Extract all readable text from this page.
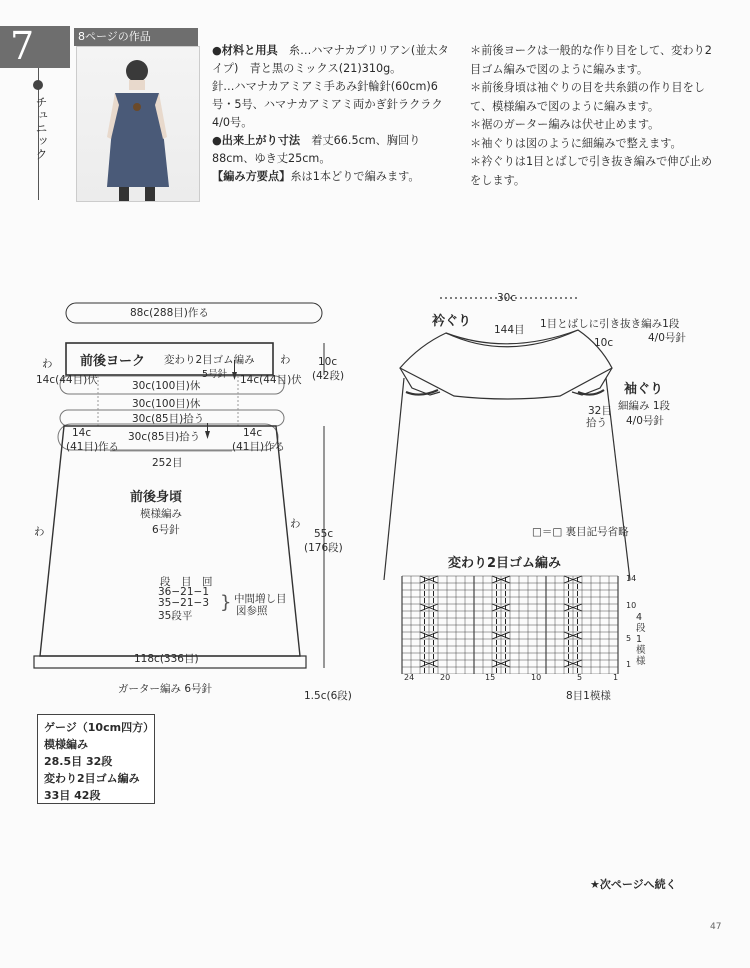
7	8ページの作品
チュニック

●材料と用具　 糸…ハマナカブリリアン(並太タイプ)　青と黒のミックス(21)310g。

針…ハマナカアミアミ手あみ針輪針(60cm)6号・5号、ハマナカアミアミ両かぎ針ラクラク4/0号。

●出来上がり寸法　 着丈66.5cm、胸回り88cm、ゆき丈25cm。

【編み方要点】糸は1本どりで編みます。

＊前後ヨークは一般的な作り目をして、変わり2目ゴム編みで図のように編みます。

＊前後身頃は袖ぐりの目を共糸鎖の作り目をして、模様編みで図のように編みます。

＊裾のガーター編みは伏せ止めます。

＊袖ぐりは図のように細編みで整えます。

＊衿ぐりは1目とばしで引き抜き編みで伸び止めをします。

88c(288目)作る
前後ヨーク 変わり2目ゴム編み
5号針
わ	わ
14c(44目)伏	14c(44目)伏
30c(100目)休
30c(100目)休
10c
(42段)
30c(85目)拾う
30c(85目)拾う
14c
(41目)作る
14c
(41目)作る
252目
前後身頃
模様編み
6号針
わ
わ
55c
(176段)
段　目　回
36−21−1
35−21−3
35段平
} 中間増し目
図参照
118c(336目)
ガーター編み 6号針
1.5c(6段)
ゲージ（10cm四方）
模様編み
28.5目 32段
変わり2目ゴム編み
33目 42段
30c
衿ぐり
144目 1目とばしに引き抜き編み1段
4/0号針
10c
袖ぐり
32目
拾う
細編み 1段
4/0号針
□＝□ 裏目記号省略
変わり2目ゴム編み
14
10
5
1
24	20	15	10	5	1
4段1模様
8目1模様
★次ページへ続く
47
